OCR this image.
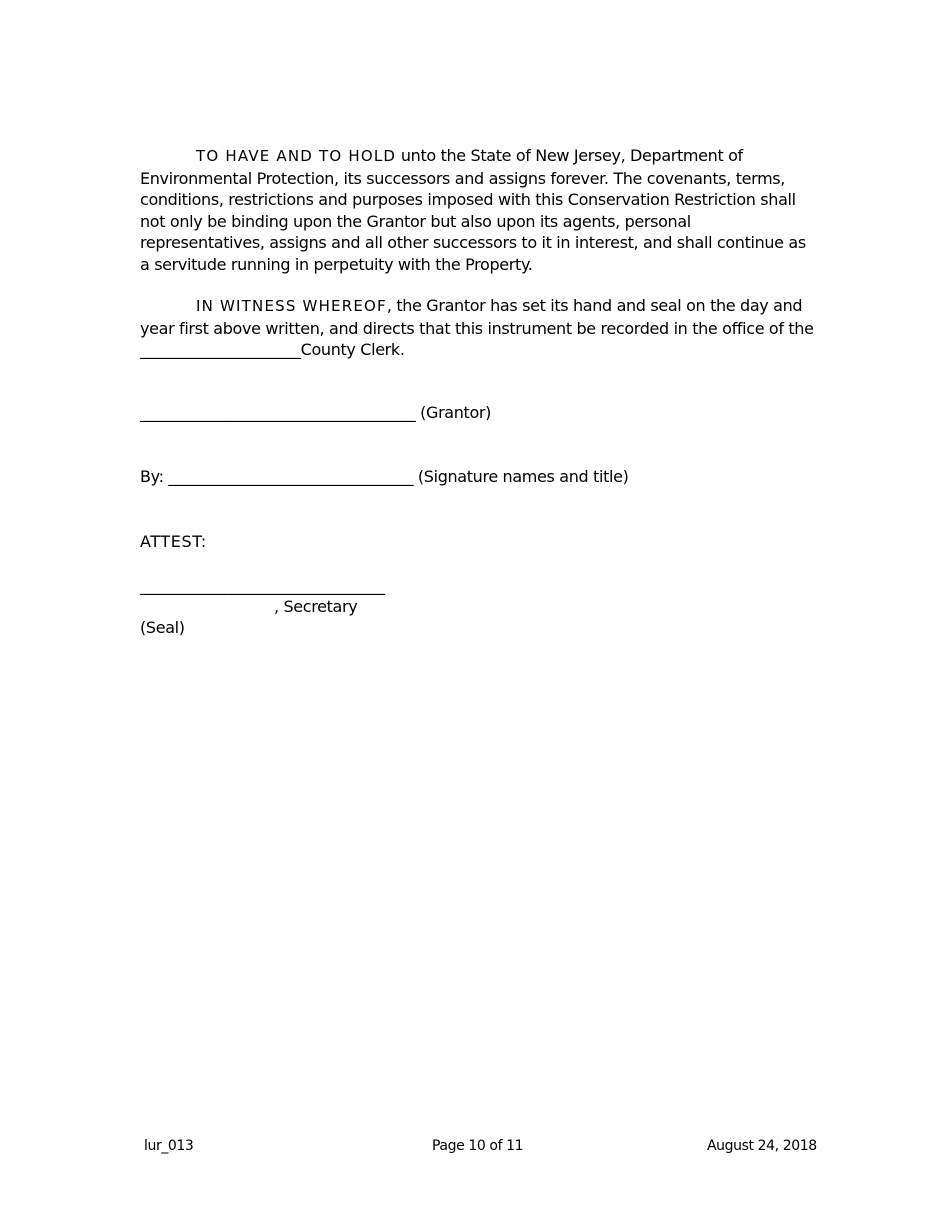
TO HAVE AND TO HOLD unto the State of New Jersey, Department of Environmental Protection, its successors and assigns forever. The covenants, terms, conditions, restrictions and purposes imposed with this Conservation Restriction shall not only be binding upon the Grantor but also upon its agents, personal representatives, assigns and all other successors to it in interest, and shall continue as a servitude running in perpetuity with the Property.
IN WITNESS WHEREOF, the Grantor has set its hand and seal on the day and year first above written, and directs that this instrument be recorded in the office of the _____________________County Clerk.
____________________________________ (Grantor)
By: ________________________________ (Signature names and title)
ATTEST:
________________________________
, Secretary
(Seal)
lur_013	Page 10 of 11	August 24, 2018
